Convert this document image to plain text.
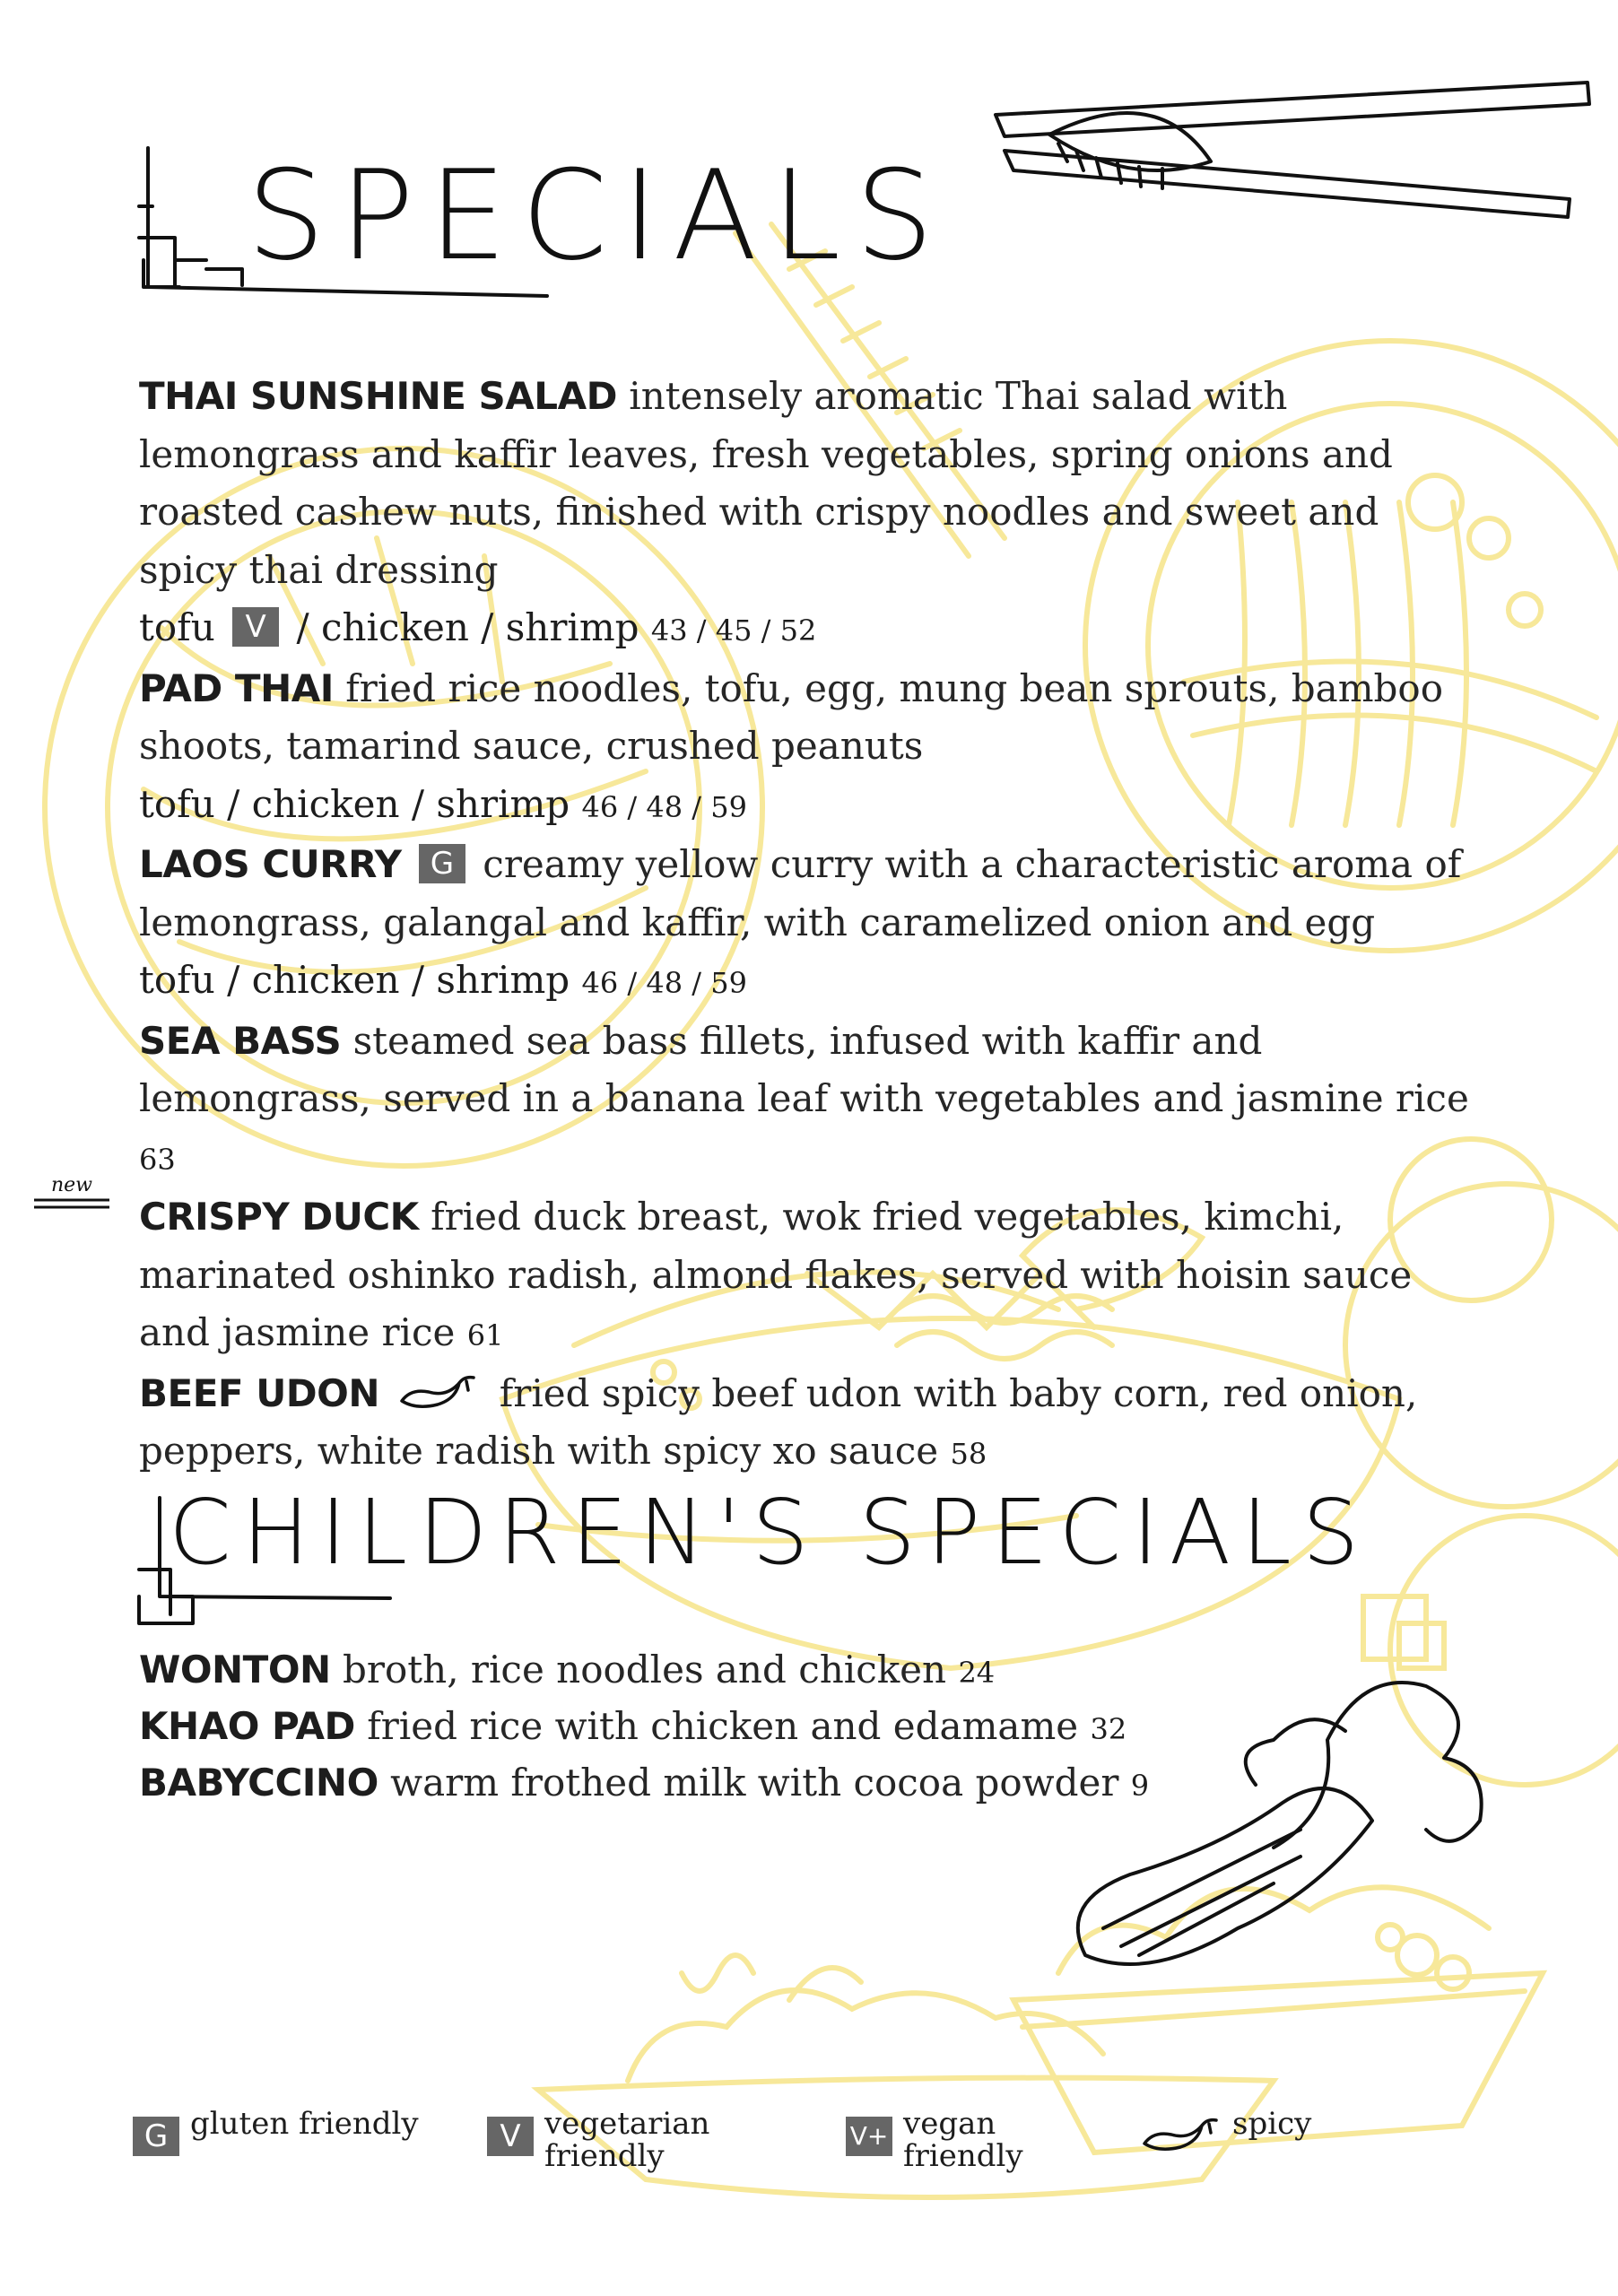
SPECIALS
new

THAI SUNSHINE SALAD intensely aromatic Thai salad with lemongrass and kaffir leaves, fresh vegetables, spring onions and roasted cashew nuts, finished with crispy noodles and sweet and spicy thai dressing
tofu V / chicken / shrimp 43 / 45 / 52

PAD THAI fried rice noodles, tofu, egg, mung bean sprouts, bamboo shoots, tamarind sauce, crushed peanuts
tofu / chicken / shrimp 46 / 48 / 59

LAOS CURRY G creamy yellow curry with a characteristic aroma of lemongrass, galangal and kaffir, with caramelized onion and egg
tofu / chicken / shrimp 46 / 48 / 59

SEA BASS steamed sea bass fillets, infused with kaffir and lemongrass, served in a banana leaf with vegetables and jasmine rice 63

CRISPY DUCK fried duck breast, wok fried vegetables, kimchi, marinated oshinko radish, almond flakes, served with hoisin sauce and jasmine rice 61

BEEF UDON	fried spicy beef udon with baby corn, red onion, peppers, white radish with spicy xo sauce 58

CHILDREN'S SPECIALS

WONTON broth, rice noodles and chicken 24

KHAO PAD fried rice with chicken and edamame 32

BABYCCINO warm frothed milk with cocoa powder 9

G gluten friendly	V vegetarian friendly
V+ vegan friendly
spicy
